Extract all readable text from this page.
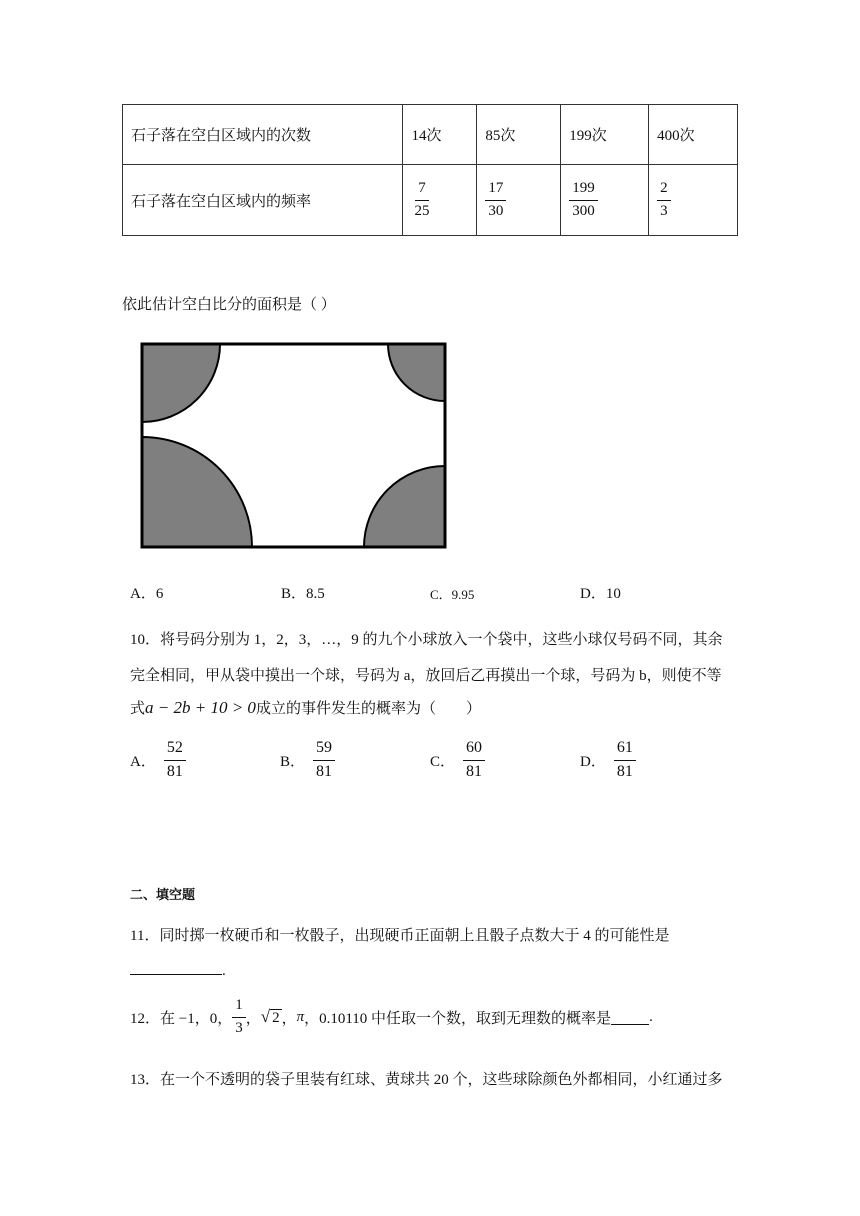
石子落在空白区域内的次数	14次	85次	199次	400次
石子落在空白区域内的频率	$\frac{7}{25}$	$\frac{17}{30}$	$\frac{199}{300}$	$\frac{2}{3}$
依此估计空白比分的面积是（ ）
A．6	B．8.5	C．9.95	D．10
10．将号码分别为 1，2，3，…，9 的九个小球放入一个袋中，这些小球仅号码不同，其余
完全相同，甲从袋中摸出一个球，号码为 a，放回后乙再摸出一个球，号码为 b，则使不等
式a − 2b + 10 > 0成立的事件发生的概率为（　　）
A． $\frac{52}{81}$	B． $\frac{59}{81}$	C． $\frac{60}{81}$	D． $\frac{61}{81}$
二、填空题
11．同时掷一枚硬币和一枚骰子，出现硬币正面朝上且骰子点数大于 4 的可能性是
.
12．在 −1，0， $\frac{1}{3}$ ，√ 2 ，π，0.10110 中任取一个数，取到无理数的概率是	.
13．在一个不透明的袋子里装有红球、黄球共 20 个，这些球除颜色外都相同，小红通过多
